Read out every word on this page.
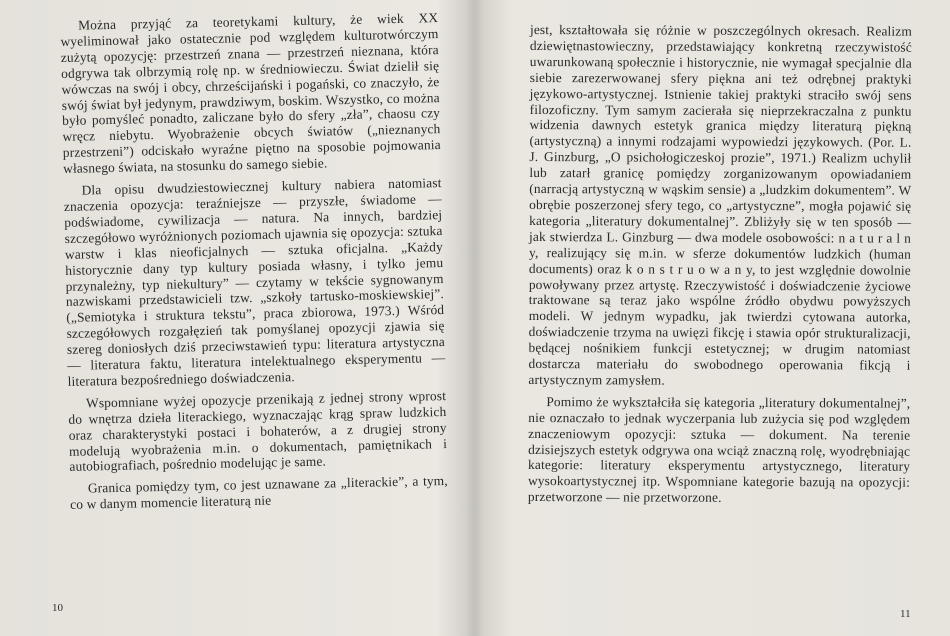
Można przyjąć za teoretykami kultury, że wiek XX wyeliminował jako ostatecznie pod względem kulturotwórczym zużytą opozycję: przestrzeń znana — przestrzeń nieznana, która odgrywa tak olbrzymią rolę np. w średniowieczu. Świat dzielił się wówczas na swój i obcy, chrześcijański i pogański, co znaczyło, że swój świat był jedynym, prawdziwym, boskim. Wszystko, co można było pomyśleć ponadto, zaliczane było do sfery „zła”, chaosu czy wręcz niebytu. Wyobrażenie obcych światów („nieznanych przestrzeni”) odciskało wyraźne piętno na sposobie pojmowania własnego świata, na stosunku do samego siebie.

Dla opisu dwudziestowiecznej kultury nabiera natomiast znaczenia opozycja: teraźniejsze — przyszłe, świadome — podświadome, cywilizacja — natura. Na innych, bardziej szczegółowo wyróżnionych poziomach ujawnia się opozycja: sztuka warstw i klas nieoficjalnych — sztuka oficjalna. „Każdy historycznie dany typ kultury posiada własny, i tylko jemu przynależny, typ niekultury” — czytamy w tekście sygnowanym nazwiskami przedstawicieli tzw. „szkoły tartusko-moskiewskiej”. („Semiotyka i struktura tekstu”, praca zbiorowa, 1973.) Wśród szczegółowych rozgałęzień tak pomyślanej opozycji zjawia się szereg doniosłych dziś przeciwstawień typu: literatura artystyczna — literatura faktu, literatura intelektualnego eksperymentu — literatura bezpośredniego doświadczenia.

Wspomniane wyżej opozycje przenikają z jednej strony wprost do wnętrza dzieła literackiego, wyznaczając krąg spraw ludzkich oraz charakterystyki postaci i bohaterów, a z drugiej strony modelują wyobrażenia m.in. o dokumentach, pamiętnikach i autobiografiach, pośrednio modelując je same.

Granica pomiędzy tym, co jest uznawane za „literackie”, a tym, co w danym momencie literaturą nie

10

jest, kształtowała się różnie w poszczególnych okresach. Realizm dziewiętnastowieczny, przedstawiający konkretną rzeczywistość uwarunkowaną społecznie i historycznie, nie wymagał specjalnie dla siebie zarezerwowanej sfery piękna ani też odrębnej praktyki językowo-artystycznej. Istnienie takiej praktyki straciło swój sens filozoficzny. Tym samym zacierała się nieprzekraczalna z punktu widzenia dawnych estetyk granica między literaturą piękną (artystyczną) a innymi rodzajami wypowiedzi językowych. (Por. L. J. Ginzburg, „O psichołogiczeskoj prozie”, 1971.) Realizm uchylił lub zatarł granicę pomiędzy zorganizowanym opowiadaniem (narracją artystyczną w wąskim sensie) a „ludzkim dokumentem”. W obrębie poszerzonej sfery tego, co „artystyczne”, mogła pojawić się kategoria „literatury dokumentalnej”. Zbliżyły się w ten sposób — jak stwierdza L. Ginzburg — dwa modele osobowości: n a t u r a l n y, realizujący się m.in. w sferze dokumentów ludzkich (human documents) oraz k o n s t r u o w a n y, to jest względnie dowolnie powoływany przez artystę. Rzeczywistość i doświadczenie życiowe traktowane są teraz jako wspólne źródło obydwu powyższych modeli. W jednym wypadku, jak twierdzi cytowana autorka, doświadczenie trzyma na uwięzi fikcję i stawia opór strukturalizacji, będącej nośnikiem funkcji estetycznej; w drugim natomiast dostarcza materiału do swobodnego operowania fikcją i artystycznym zamysłem.

Pomimo że wykształciła się kategoria „literatury dokumentalnej”, nie oznaczało to jednak wyczerpania lub zużycia się pod względem znaczeniowym opozycji: sztuka — dokument. Na terenie dzisiejszych estetyk odgrywa ona wciąż znaczną rolę, wyodrębniając kategorie: literatury eksperymentu artystycznego, literatury wysokoartystycznej itp. Wspomniane kategorie bazują na opozycji: przetworzone — nie przetworzone.

11
